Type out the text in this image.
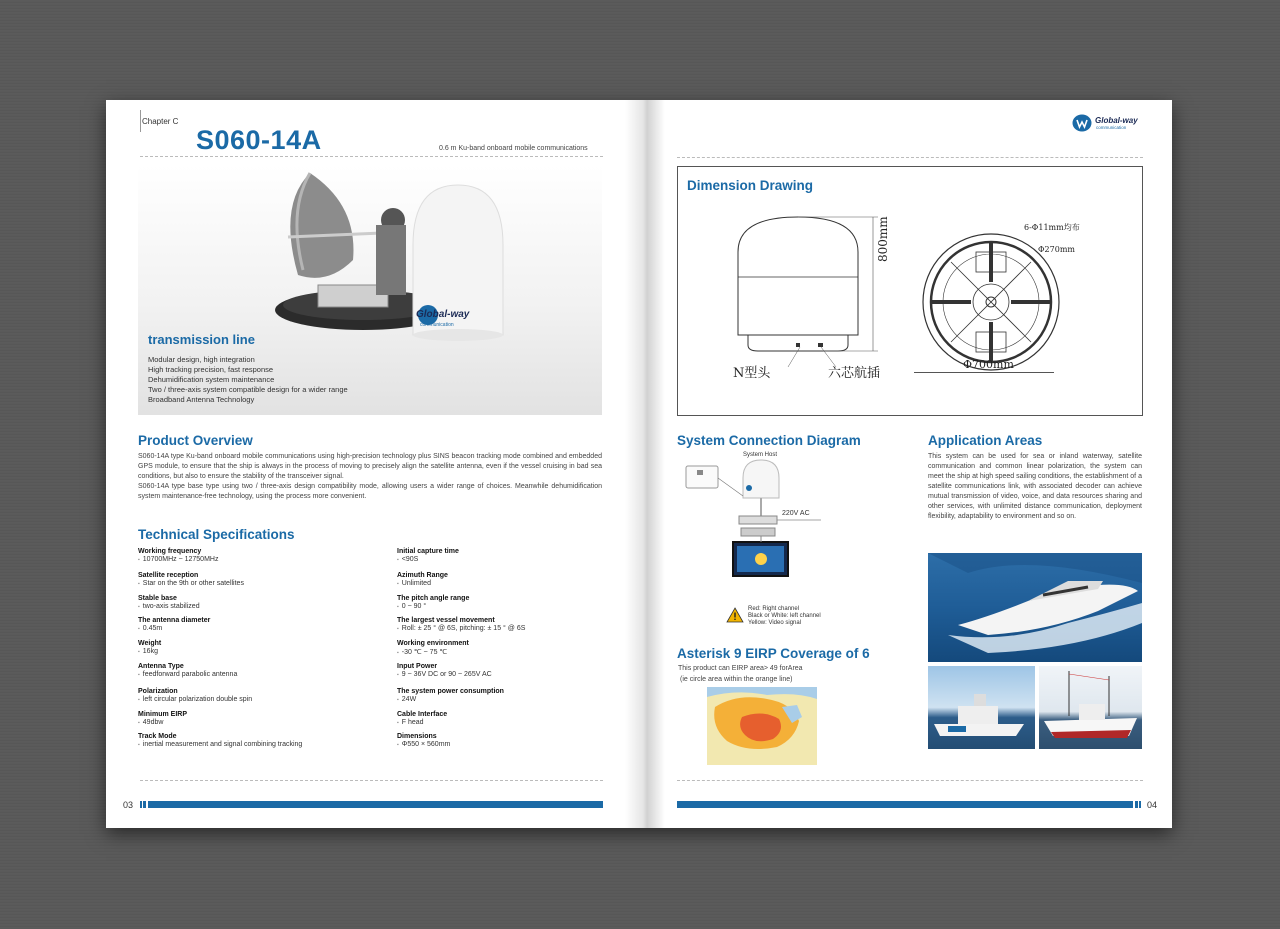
Chapter C
S060-14A	0.6 m Ku-band onboard mobile communications
Global-way
communication
transmission line
Modular design, high integration
High tracking precision, fast response
Dehumidification system maintenance
Two / three-axis system compatible design for a wider range
Broadband Antenna Technology
Product Overview
S060-14A type Ku-band onboard mobile communications using high-precision technology plus SINS beacon tracking mode combined and embedded GPS module, to ensure that the ship is always in the process of moving to precisely align the satellite antenna, even if the vessel cruising in bad sea conditions, but also to ensure the stability of the transceiver signal.
S060-14A type base type using two / three-axis design compatibility mode, allowing users a wider range of choices. Meanwhile dehumidification system maintenance-free technology, using the process more convenient.
Technical Specifications
Working frequency
▪ 10700MHz ~ 12750MHz
Satellite reception
▪ Star on the 9th or other satellites
Stable base
▪ two-axis stabilized
The antenna diameter
▪ 0.45m
Weight
▪ 16kg
Antenna Type
▪ feedforward parabolic antenna
Polarization
▪ left circular polarization double spin
Minimum EIRP
▪ 49dbw
Track Mode
▪ inertial measurement and signal combining tracking
Initial capture time
▪ <90S
Azimuth Range
▪ Unlimited
The pitch angle range
▪ 0 ~ 90 °
The largest vessel movement
▪ Roll: ± 25 ° @ 6S, pitching: ± 15 ° @ 6S
Working environment
▪ -30 ℃ ~ 75 ℃
Input Power
▪ 9 ~ 36V DC or 90 ~ 265V AC
The system power consumption
▪ 24W
Cable Interface
▪ F head
Dimensions
▪ Φ550 × 560mm
03
Global-way
communication
Dimension Drawing
800mm
N型头	六芯航插
Φ700mm
6-Φ11mm均布
Φ270mm
System Connection Diagram
System Host
220V AC
Red: Right channel
Black or White: left channel
Yellow: Video signal
Asterisk 9 EIRP Coverage of 6
This product can EIRP area> 49 forArea
(ie circle area within the orange line)
Application Areas
This system can be used for sea or inland waterway, satellite communication and common linear polarization, the system can meet the ship at high speed sailing conditions, the establishment of a satellite communications link, with associated decoder can achieve mutual transmission of video, voice, and data resources sharing and other services, with unlimited distance communication, deployment flexibility, adaptability to environment and so on.
04
